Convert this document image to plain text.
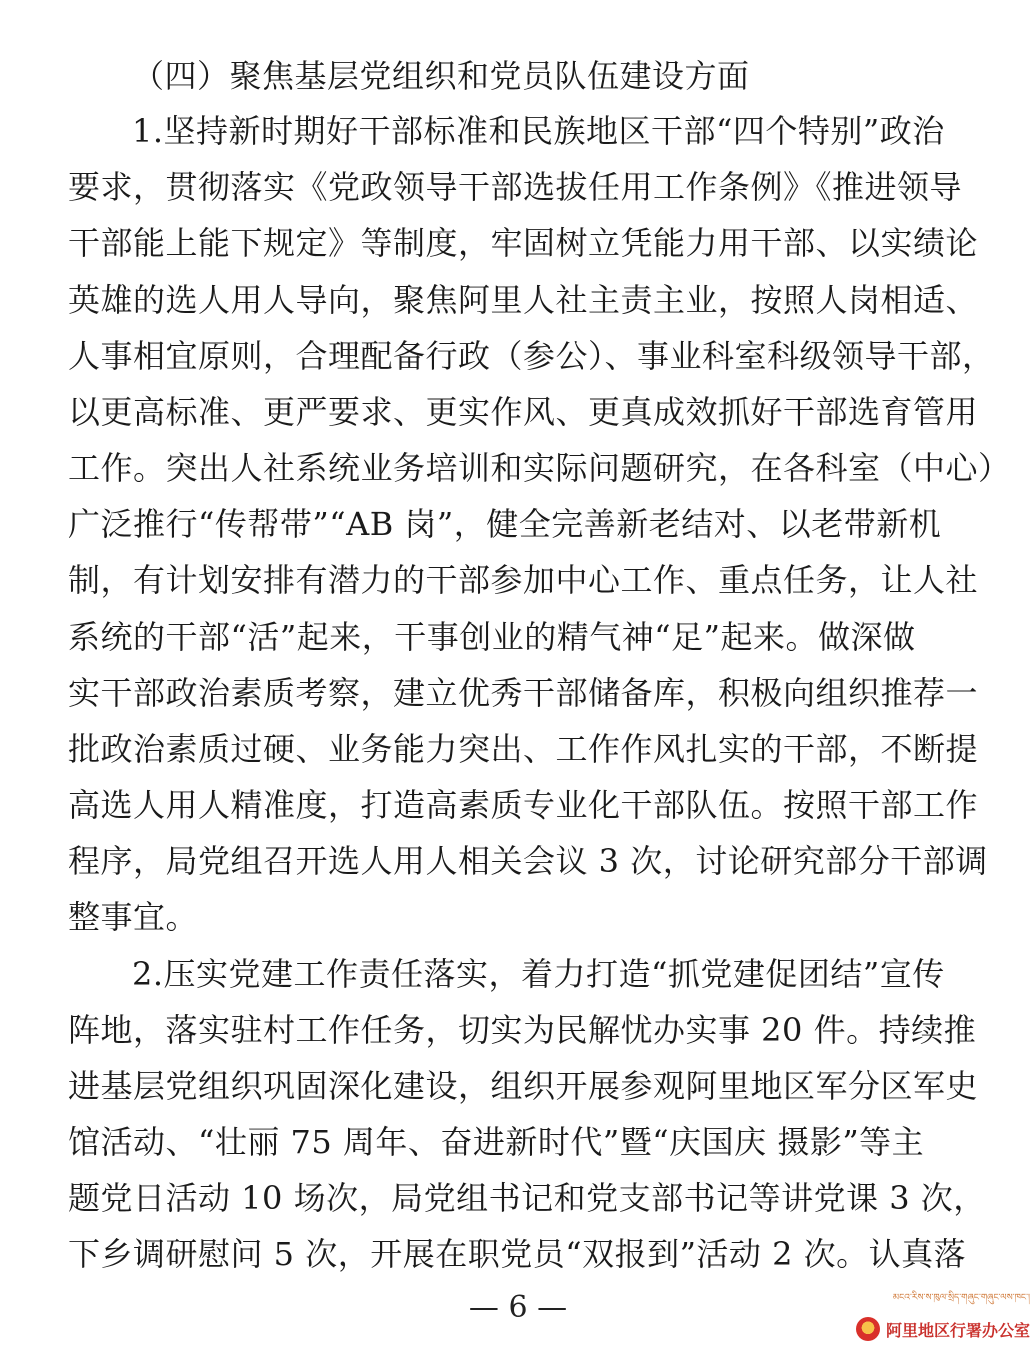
（四）聚焦基层党组织和党员队伍建设方面
1.坚持新时期好干部标准和民族地区干部“四个特别”政治
要求，贯彻落实《党政领导干部选拔任用工作条例》《推进领导
干部能上能下规定》等制度，牢固树立凭能力用干部、以实绩论
英雄的选人用人导向，聚焦阿里人社主责主业，按照人岗相适、
人事相宜原则，合理配备行政（参公）、事业科室科级领导干部，
以更高标准、更严要求、更实作风、更真成效抓好干部选育管用
工作。突出人社系统业务培训和实际问题研究，在各科室（中心）
广泛推行“传帮带”“AB 岗”，健全完善新老结对、以老带新机
制，有计划安排有潜力的干部参加中心工作、重点任务，让人社
系统的干部“活”起来，干事创业的精气神“足”起来。做深做
实干部政治素质考察，建立优秀干部储备库，积极向组织推荐一
批政治素质过硬、业务能力突出、工作作风扎实的干部，不断提
高选人用人精准度，打造高素质专业化干部队伍。按照干部工作
程序，局党组召开选人用人相关会议 3 次，讨论研究部分干部调
整事宜。
2.压实党建工作责任落实，着力打造“抓党建促团结”宣传
阵地，落实驻村工作任务，切实为民解忧办实事 20 件。持续推
进基层党组织巩固深化建设，组织开展参观阿里地区军分区军史
馆活动、“壮丽 75 周年、奋进新时代”暨“庆国庆 摄影”等主
题党日活动 10 场次，局党组书记和党支部书记等讲党课 3 次，
下乡调研慰问 5 次，开展在职党员“双报到”活动 2 次。认真落
— 6 —	མངའ་རིས་ས་ཁུལ་སྲིད་གཞུང་གཞུང་ལས་ཁང་།
阿里地区行署办公室
